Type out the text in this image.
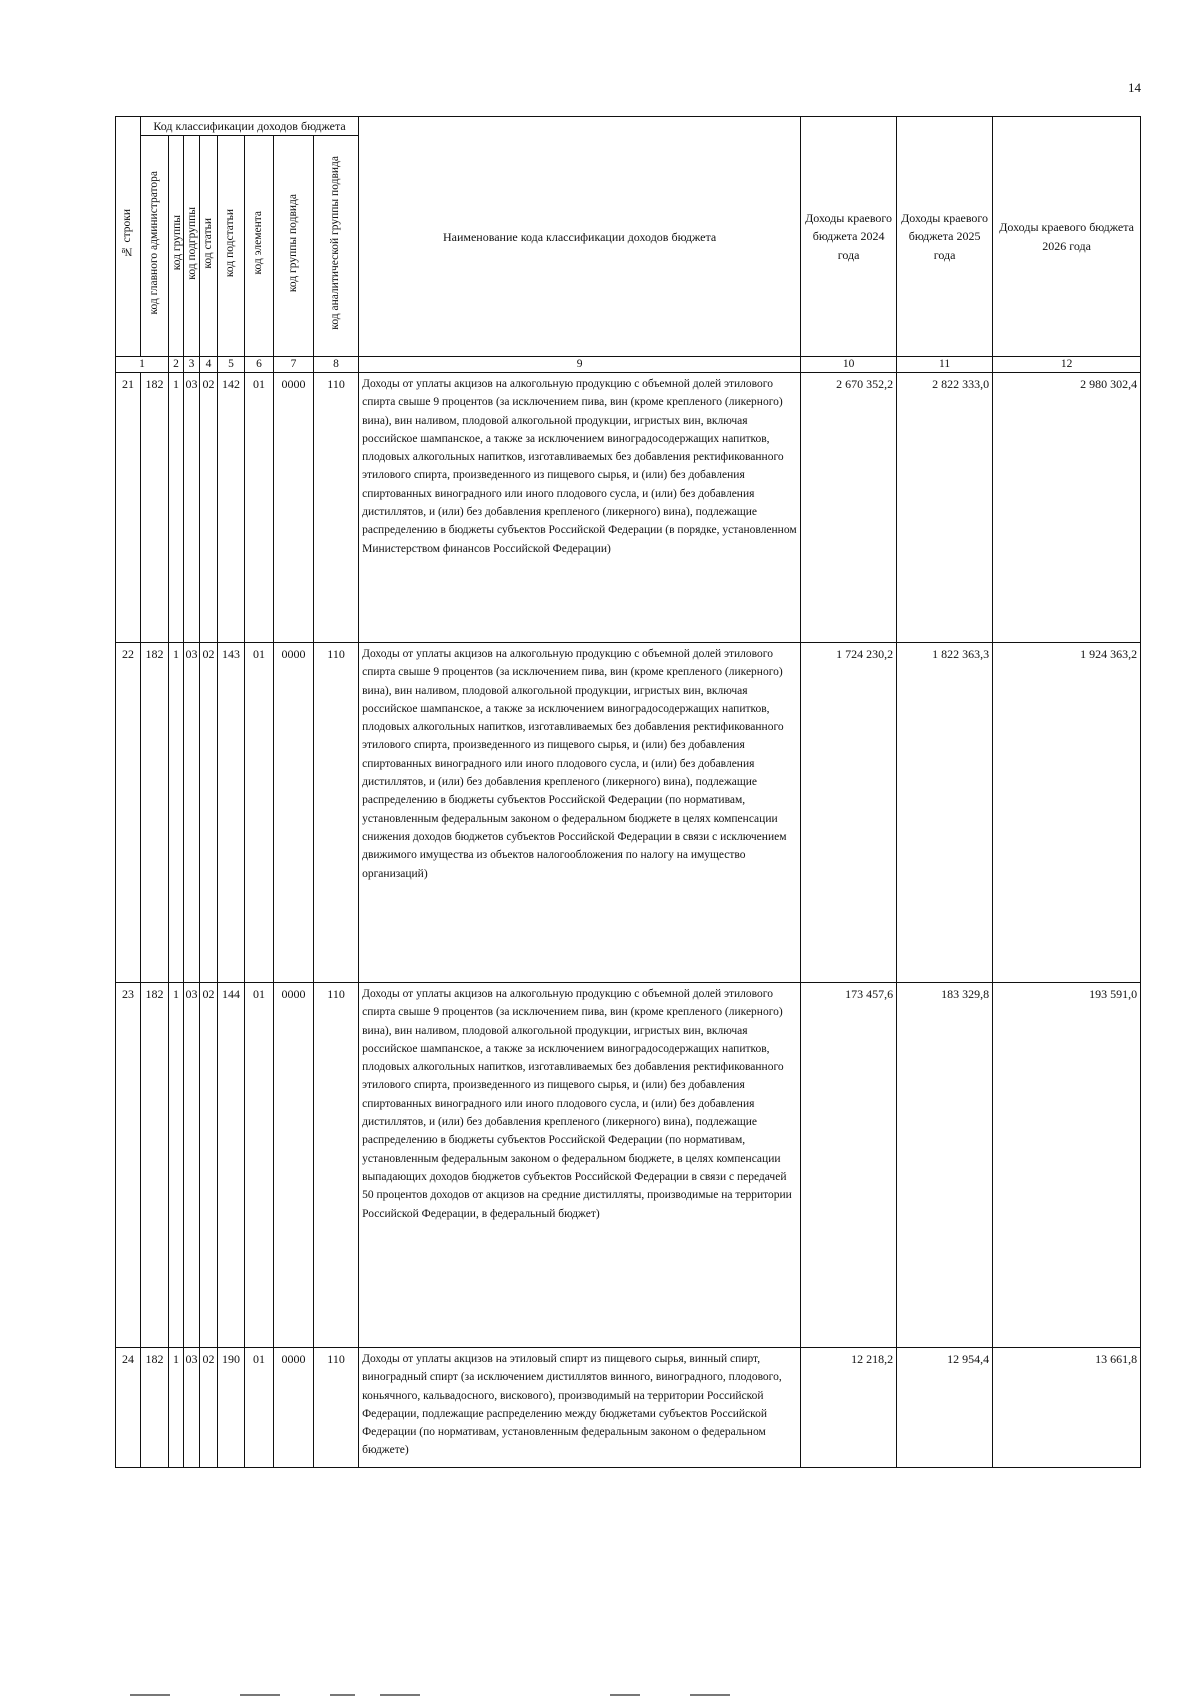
14
№ строки	Код классификации доходов бюджета								Наименование кода классификации доходов бюджета	Доходы краевого бюджета 2024 года	Доходы краевого бюджета 2025 года	Доходы краевого бюджета 2026 года
	код главного администратора	код группы	код подгруппы	код статьи	код подстатьи	код элемента	код группы подвида	код аналитической группы подвида				
1		2	3	4	5	6	7	8	9	10	11	12
21	182	1	03	02	142	01	0000	110	Доходы от уплаты акцизов на алкогольную продукцию с объемной долей этилового спирта свыше 9 процентов (за исключением пива, вин (кроме крепленого (ликерного) вина), вин наливом, плодовой алкогольной продукции, игристых вин, включая российское шампанское, а также за исключением виноградосодержащих напитков, плодовых алкогольных напитков, изготавливаемых без добавления ректификованного этилового спирта, произведенного из пищевого сырья, и (или) без добавления спиртованных виноградного или иного плодового сусла, и (или) без добавления дистиллятов, и (или) без добавления крепленого (ликерного) вина), подлежащие распределению в бюджеты субъектов Российской Федерации (в порядке, установленном Министерством финансов Российской Федерации)	2 670 352,2	2 822 333,0	2 980 302,4
22	182	1	03	02	143	01	0000	110	Доходы от уплаты акцизов на алкогольную продукцию с объемной долей этилового спирта свыше 9 процентов (за исключением пива, вин (кроме крепленого (ликерного) вина), вин наливом, плодовой алкогольной продукции, игристых вин, включая российское шампанское, а также за исключением виноградосодержащих напитков, плодовых алкогольных напитков, изготавливаемых без добавления ректификованного этилового спирта, произведенного из пищевого сырья, и (или) без добавления спиртованных виноградного или иного плодового сусла, и (или) без добавления дистиллятов, и (или) без добавления крепленого (ликерного) вина), подлежащие распределению в бюджеты субъектов Российской Федерации (по нормативам, установленным федеральным законом о федеральном бюджете в целях компенсации снижения доходов бюджетов субъектов Российской Федерации в связи с исключением движимого имущества из объектов налогообложения по налогу на имущество организаций)	1 724 230,2	1 822 363,3	1 924 363,2
23	182	1	03	02	144	01	0000	110	Доходы от уплаты акцизов на алкогольную продукцию с объемной долей этилового спирта свыше 9 процентов (за исключением пива, вин (кроме крепленого (ликерного) вина), вин наливом, плодовой алкогольной продукции, игристых вин, включая российское шампанское, а также за исключением виноградосодержащих напитков, плодовых алкогольных напитков, изготавливаемых без добавления ректификованного этилового спирта, произведенного из пищевого сырья, и (или) без добавления спиртованных виноградного или иного плодового сусла, и (или) без добавления дистиллятов, и (или) без добавления крепленого (ликерного) вина), подлежащие распределению в бюджеты субъектов Российской Федерации (по нормативам, установленным федеральным законом о федеральном бюджете, в целях компенсации выпадающих доходов бюджетов субъектов Российской Федерации в связи с передачей 50 процентов доходов от акцизов на средние дистилляты, производимые на территории Российской Федерации, в федеральный бюджет)	173 457,6	183 329,8	193 591,0
24	182	1	03	02	190	01	0000	110	Доходы от уплаты акцизов на этиловый спирт из пищевого сырья, винный спирт, виноградный спирт (за исключением дистиллятов винного, виноградного, плодового, коньячного, кальвадосного, вискового), производимый на территории Российской Федерации, подлежащие распределению между бюджетами субъектов Российской Федерации (по нормативам, установленным федеральным законом о федеральном бюджете)	12 218,2	12 954,4	13 661,8
